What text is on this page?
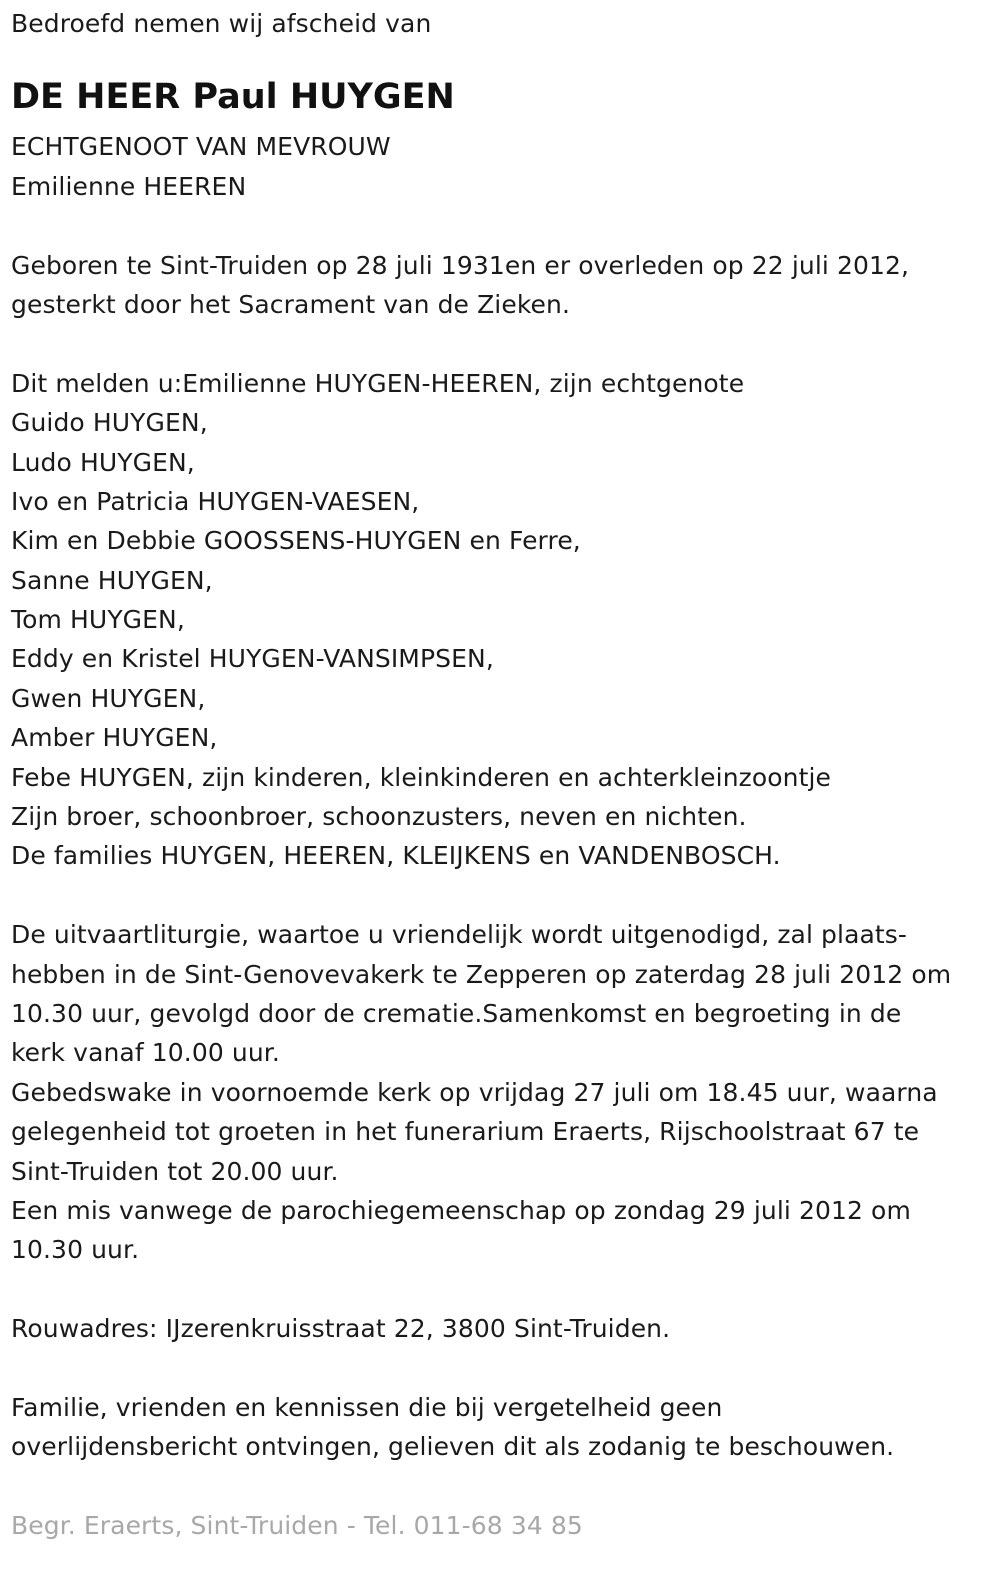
Bedroefd nemen wij afscheid van
DE HEER Paul HUYGEN
ECHTGENOOT VAN MEVROUW
Emilienne HEEREN
Geboren te Sint-Truiden op 28 juli 1931en er overleden op 22 juli 2012,
gesterkt door het Sacrament van de Zieken.
Dit melden u:Emilienne HUYGEN-HEEREN, zijn echtgenote
Guido HUYGEN,
Ludo HUYGEN,
Ivo en Patricia HUYGEN-VAESEN,
Kim en Debbie GOOSSENS-HUYGEN en Ferre,
Sanne HUYGEN,
Tom HUYGEN,
Eddy en Kristel HUYGEN-VANSIMPSEN,
Gwen HUYGEN,
Amber HUYGEN,
Febe HUYGEN, zijn kinderen, kleinkinderen en achterkleinzoontje
Zijn broer, schoonbroer, schoonzusters, neven en nichten.
De families HUYGEN, HEEREN, KLEIJKENS en VANDENBOSCH.
De uitvaartliturgie, waartoe u vriendelijk wordt uitgenodigd, zal plaats-
hebben in de Sint-Genovevakerk te Zepperen op zaterdag 28 juli 2012 om
10.30 uur, gevolgd door de crematie.Samenkomst en begroeting in de
kerk vanaf 10.00 uur.
Gebedswake in voornoemde kerk op vrijdag 27 juli om 18.45 uur, waarna
gelegenheid tot groeten in het funerarium Eraerts, Rijschoolstraat 67 te
Sint-Truiden tot 20.00 uur.
Een mis vanwege de parochiegemeenschap op zondag 29 juli 2012 om
10.30 uur.
Rouwadres: IJzerenkruisstraat 22, 3800 Sint-Truiden.
Familie, vrienden en kennissen die bij vergetelheid geen
overlijdensbericht ontvingen, gelieven dit als zodanig te beschouwen.
Begr. Eraerts, Sint-Truiden - Tel. 011-68 34 85
